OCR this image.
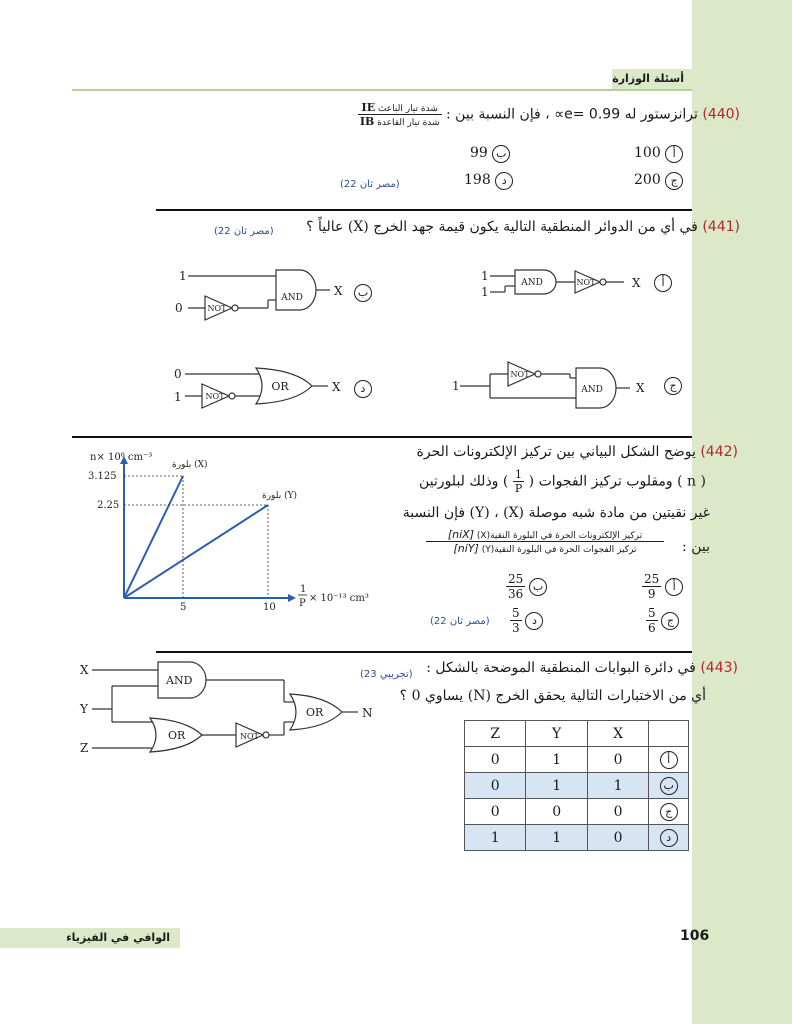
أسئلة الوزارة
(440) ترانزستور له ∝e= 0.99 ، فإن النسبة بين :
$\frac{\text{شدة تيار الباعث IE}}{\text{شدة تيار القاعدة IB}}$
100 أ
99 ب
200 ج
198 د
(مصر ثان 22)
(441) في أي من الدوائر المنطقية التالية يكون قيمة جهد الخرج (X) عالياً ؟
(مصر ثان 22)
AND	NOT
AND
NOT
NOT
AND
NOT
OR
1
1
X
1
0
X
1	X
0
1
X
أ
ب
ج
د
(442) يوضح الشكل البياني بين تركيز الإلكترونات الحرة
( n ) ومقلوب تركيز الفجوات (
$\frac{1}{P}$
) وذلك لبلورتين
غير نقيتين من مادة شبه موصلة (X) ، (Y) فإن النسبة
بين :
تركيز الإلكترونات الحرة في البلورة النقية(X) [niX]
تركيز الفجوات الحرة في البلورة النقية(Y) [niY]
$\frac{25}{9}$ أ
$\frac{25}{36}$ ب
$\frac{5}{6}$ ج
$\frac{5}{3}$ د
(مصر ثان 22)
n× 10⁸ cm⁻³
3.125
2.25
5	10
1
P × 10⁻¹³ cm³
بلورة (X)
بلورة (Y)
(443) في دائرة البوابات المنطقية الموضحة بالشكل :
(تجريبي 23)
أي من الاختبارات التالية يحقق الخرج (N) يساوي 0 ؟
X
Y
Z
N
AND
OR
OR
NOT	Z	Y	X	
0	1	0	أ
0	1	1	ب
0	0	0	ج
1	1	0	د
الوافي في الفيزياء	106
